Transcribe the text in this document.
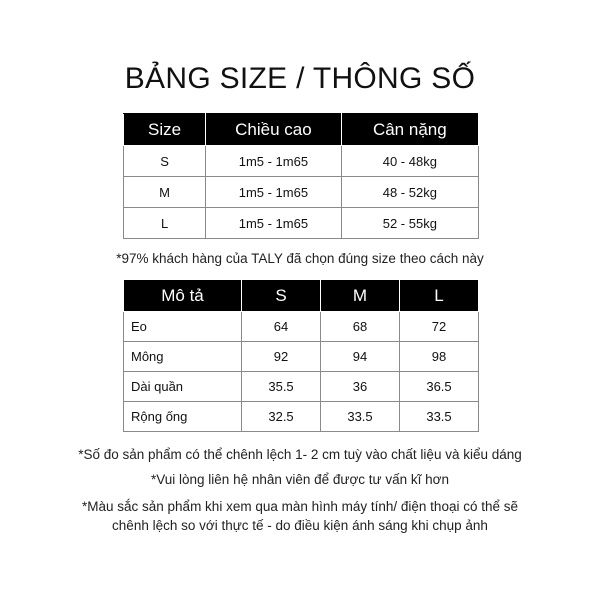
BẢNG SIZE / THÔNG SỐ
Size	Chiều cao	Cân nặng
S	1m5 - 1m65	40 - 48kg
M	1m5 - 1m65	48 - 52kg
L	1m5 - 1m65	52 - 55kg
*97% khách hàng của TALY đã chọn đúng size theo cách này
Mô tả	S	M	L
Eo	64	68	72
Mông	92	94	98
Dài quần	35.5	36	36.5
Rộng ống	32.5	33.5	33.5
*Số đo sản phẩm có thể chênh lệch 1- 2 cm tuỳ vào chất liệu và kiểu dáng
*Vui lòng liên hệ nhân viên để được tư vấn kĩ hơn
*Màu sắc sản phẩm khi xem qua màn hình máy tính/ điện thoại có thể sẽ
chênh lệch so với thực tế - do điều kiện ánh sáng khi chụp ảnh
